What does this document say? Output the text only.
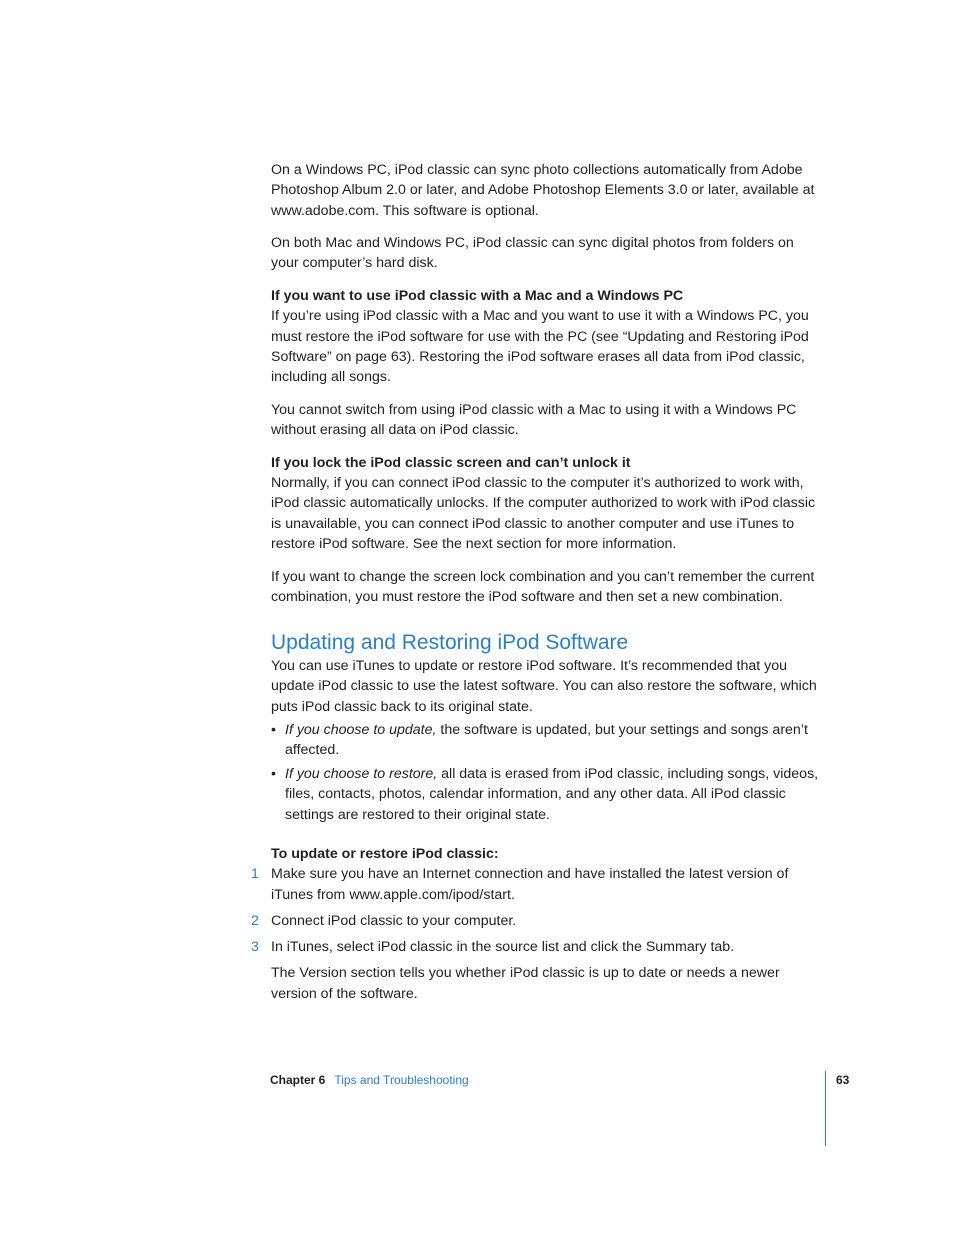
On a Windows PC, iPod classic can sync photo collections automatically from Adobe Photoshop Album 2.0 or later, and Adobe Photoshop Elements 3.0 or later, available at www.adobe.com. This software is optional.

On both Mac and Windows PC, iPod classic can sync digital photos from folders on your computer’s hard disk.

If you want to use iPod classic with a Mac and a Windows PC

If you’re using iPod classic with a Mac and you want to use it with a Windows PC, you must restore the iPod software for use with the PC (see “Updating and Restoring iPod Software” on page 63). Restoring the iPod software erases all data from iPod classic, including all songs.

You cannot switch from using iPod classic with a Mac to using it with a Windows PC without erasing all data on iPod classic.

If you lock the iPod classic screen and can’t unlock it

Normally, if you can connect iPod classic to the computer it’s authorized to work with, iPod classic automatically unlocks. If the computer authorized to work with iPod classic is unavailable, you can connect iPod classic to another computer and use iTunes to restore iPod software. See the next section for more information.

If you want to change the screen lock combination and you can’t remember the current combination, you must restore the iPod software and then set a new combination.

Updating and Restoring iPod Software

You can use iTunes to update or restore iPod software. It’s recommended that you update iPod classic to use the latest software. You can also restore the software, which puts iPod classic back to its original state.

• If you choose to update, the software is updated, but your settings and songs aren’t affected.
• If you choose to restore, all data is erased from iPod classic, including songs, videos, files, contacts, photos, calendar information, and any other data. All iPod classic settings are restored to their original state.
To update or restore iPod classic:
1 Make sure you have an Internet connection and have installed the latest version of iTunes from www.apple.com/ipod/start.
2 Connect iPod classic to your computer.
3 In iTunes, select iPod classic in the source list and click the Summary tab.

The Version section tells you whether iPod classic is up to date or needs a newer version of the software.

Chapter 6 Tips and Troubleshooting	63
